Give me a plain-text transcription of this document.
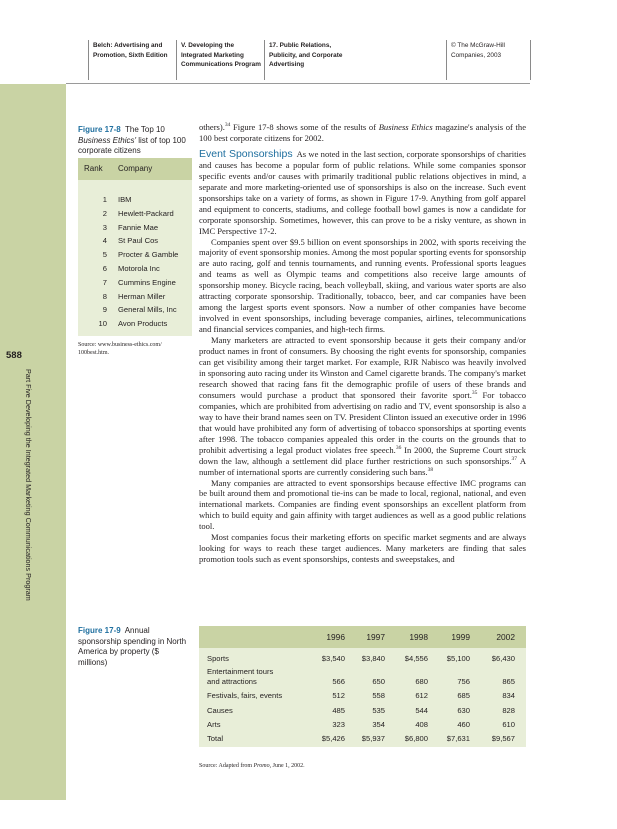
Belch: Advertising and
Promotion, Sixth Edition
V. Developing the
Integrated Marketing
Communications Program
17. Public Relations,
Publicity, and Corporate
Advertising
© The McGraw-Hill
Companies, 2003
588
Part Five Developing the Integrated Marketing Communications Program
Figure 17-8 The Top 10 Business Ethics' list of top 100 corporate citizens
Rank Company
1 IBM
2 Hewlett-Packard
3 Fannie Mae
4 St Paul Cos
5 Procter & Gamble
6 Motorola Inc
7 Cummins Engine
8 Herman Miller
9 General Mills, Inc
10 Avon Products
Source: www.business-ethics.com/
100best.htm.

others).$^{34}$ Figure 17-8 shows some of the results of Business Ethics magazine's analysis of the 100 best corporate citizens for 2002.

Event Sponsorships As we noted in the last section, corporate sponsorships of charities and causes has become a popular form of public relations. While some companies sponsor specific events and/or causes with primarily traditional public relations objectives in mind, a separate and more marketing-oriented use of sponsorships is also on the increase. Such event sponsorships take on a variety of forms, as shown in Figure 17-9. Anything from golf apparel and equipment to concerts, stadiums, and college football bowl games is now a candidate for corporate sponsorship. Sometimes, however, this can prove to be a risky venture, as shown in IMC Perspective 17-2.

Companies spent over $9.5 billion on event sponsorships in 2002, with sports receiving the majority of event sponsorship monies. Among the most popular sporting events for sponsorship are auto racing, golf and tennis tournaments, and running events. Professional sports leagues and teams as well as Olympic teams and competitions also receive large amounts of sponsorship money. Bicycle racing, beach volleyball, skiing, and various water sports are also attracting corporate sponsorship. Traditionally, tobacco, beer, and car companies have been among the largest sports event sponsors. Now a number of other companies have become involved in event sponsorships, including beverage companies, airlines, telecommunications and financial services companies, and high-tech firms.

Many marketers are attracted to event sponsorship because it gets their company and/or product names in front of consumers. By choosing the right events for sponsorship, companies can get visibility among their target market. For example, RJR Nabisco was heavily involved in sponsoring auto racing under its Winston and Camel cigarette brands. The company's market research showed that racing fans fit the demographic profile of users of these brands and consumers would purchase a product that sponsored their favorite sport.$^{35}$ For tobacco companies, which are prohibited from advertising on radio and TV, event sponsorship is also a way to have their brand names seen on TV. President Clinton issued an executive order in 1996 that would have prohibited any form of advertising of tobacco sponsorships at sporting events after 1998. The tobacco companies appealed this order in the courts on the grounds that to prohibit advertising a legal product violates free speech.$^{36}$ In 2000, the Supreme Court struck down the law, although a settlement did place further restrictions on such sponsorships.$^{37}$ A number of international sports are currently considering such bans.$^{38}$

Many companies are attracted to event sponsorships because effective IMC programs can be built around them and promotional tie-ins can be made to local, regional, national, and even international markets. Companies are finding event sponsorships an excellent platform from which to build equity and gain affinity with target audiences as well as a good public relations tool.

Most companies focus their marketing efforts on specific market segments and are always looking for ways to reach these target audiences. Many marketers are finding that sales promotion tools such as event sponsorships, contests and sweepstakes, and

Figure 17-9 Annual sponsorship spending in North America by property ($ millions)
1996	1997	1998	1999	2002
Sports	$3,540	$3,840	$4,556	$5,100	$6,430
Entertainment tours and attractions	566	650	680	756	865
Festivals, fairs, events	512	558	612	685	834
Causes	485	535	544	630	828
Arts	323	354	408	460	610
Total	$5,426	$5,937	$6,800	$7,631	$9,567
Source: Adapted from Promo, June 1, 2002.
